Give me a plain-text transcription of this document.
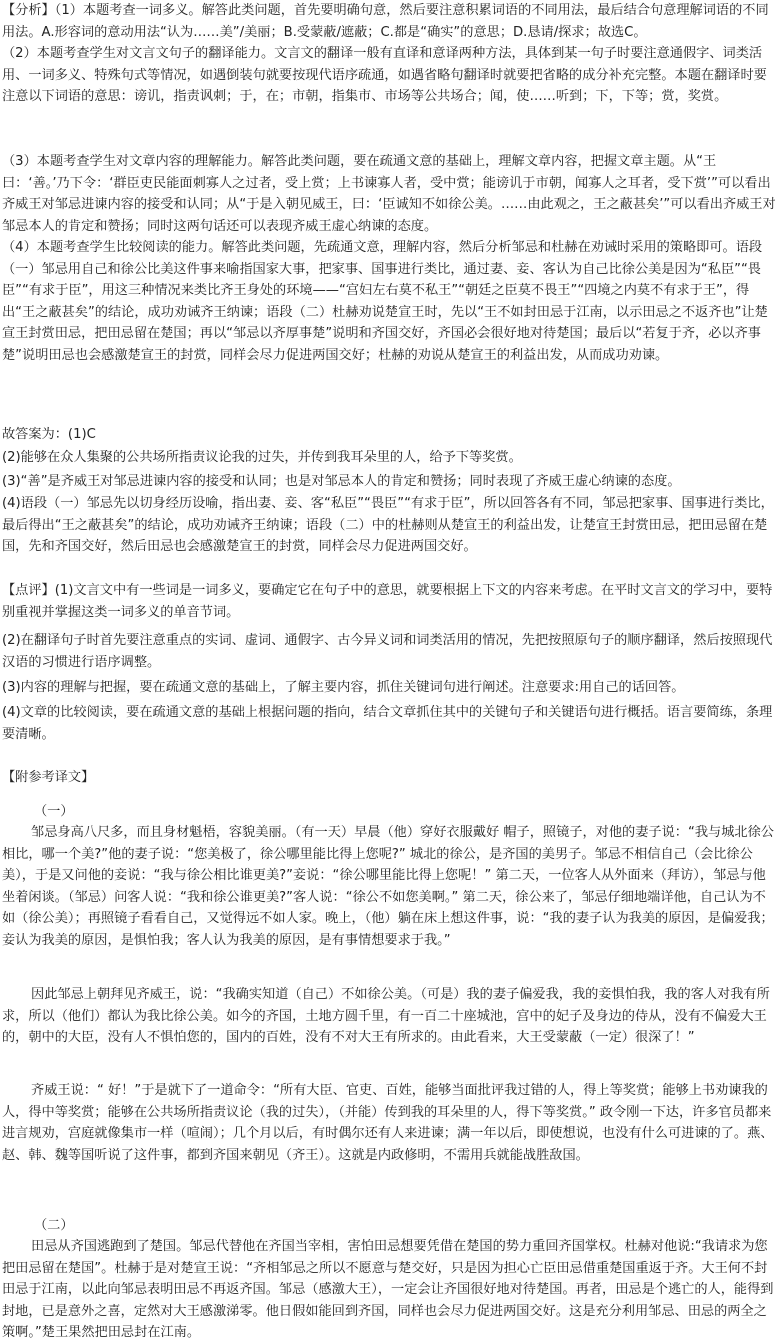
【分析】（1）本题考查一词多义。解答此类问题，首先要明确句意，然后要注意积累词语的不同用法，最后结合句意理解词语的不同用法。A.形容词的意动用法“认为……美”/美丽；B.受蒙蔽/遮蔽；C.都是“确实”的意思；D.恳请/探求；故选C。

（2）本题考查学生对文言文句子的翻译能力。文言文的翻译一般有直译和意译两种方法，具体到某一句子时要注意通假字、词类活用、一词多义、特殊句式等情况，如遇倒装句就要按现代语序疏通，如遇省略句翻译时就要把省略的成分补充完整。本题在翻译时要注意以下词语的意思：谤讥，指责讽刺；于，在；市朝，指集市、市场等公共场合；闻，使……听到；下，下等；赏，奖赏。

（3）本题考查学生对文章内容的理解能力。解答此类问题，要在疏通文意的基础上，理解文章内容，把握文章主题。从“王曰：‘善。’乃下令：‘群臣吏民能面刺寡人之过者，受上赏；上书谏寡人者，受中赏；能谤讥于市朝，闻寡人之耳者，受下赏’”可以看出齐威王对邹忌进谏内容的接受和认同；从“于是入朝见威王，曰：‘臣诚知不如徐公美。……由此观之，王之蔽甚矣’”可以看出齐威王对邹忌本人的肯定和赞扬；同时这两句话还可以表现齐威王虚心纳谏的态度。

（4）本题考查学生比较阅读的能力。解答此类问题，先疏通文意，理解内容，然后分析邹忌和杜赫在劝诫时采用的策略即可。语段（一）邹忌用自己和徐公比美这件事来喻指国家大事，把家事、国事进行类比，通过妻、妾、客认为自己比徐公美是因为“私臣”“畏臣”“有求于臣”，用这三种情况来类比齐王身处的环境——“宫妇左右莫不私王”“朝廷之臣莫不畏王”“四境之内莫不有求于王”，得出“王之蔽甚矣”的结论，成功劝诫齐王纳谏；语段（二）杜赫劝说楚宣王时，先以“王不如封田忌于江南，以示田忌之不返齐也”让楚宣王封赏田忌，把田忌留在楚国；再以“邹忌以齐厚事楚”说明和齐国交好，齐国必会很好地对待楚国；最后以“若复于齐，必以齐事楚”说明田忌也会感激楚宣王的封赏，同样会尽力促进两国交好；杜赫的劝说从楚宣王的利益出发，从而成功劝谏。

故答案为：(1)C

(2)能够在众人集聚的公共场所指责议论我的过失，并传到我耳朵里的人，给予下等奖赏。

(3)“善”是齐威王对邹忌进谏内容的接受和认同；也是对邹忌本人的肯定和赞扬；同时表现了齐威王虚心纳谏的态度。

(4)语段（一）邹忌先以切身经历设喻，指出妻、妾、客“私臣”“畏臣”“有求于臣”，所以回答各有不同，邹忌把家事、国事进行类比，最后得出“王之蔽甚矣”的结论，成功劝诫齐王纳谏；语段（二）中的杜赫则从楚宣王的利益出发，让楚宣王封赏田忌，把田忌留在楚国，先和齐国交好，然后田忌也会感激楚宣王的封赏，同样会尽力促进两国交好。

【点评】(1)文言文中有一些词是一词多义，要确定它在句子中的意思，就要根据上下文的内容来考虑。在平时文言文的学习中，要特别重视并掌握这类一词多义的单音节词。

(2)在翻译句子时首先要注意重点的实词、虚词、通假字、古今异义词和词类活用的情况，先把按照原句子的顺序翻译，然后按照现代汉语的习惯进行语序调整。

(3)内容的理解与把握，要在疏通文意的基础上，了解主要内容，抓住关键词句进行阐述。注意要求:用自己的话回答。

(4)文章的比较阅读，要在疏通文意的基础上根据问题的指向，结合文章抓住其中的关键句子和关键语句进行概括。语言要简练，条理要清晰。

【附参考译文】

（一）

邹忌身高八尺多，而且身材魁梧，容貌美丽。（有一天）早晨（他）穿好衣服戴好 帽子，照镜子，对他的妻子说：“我与城北徐公相比，哪一个美?”他的妻子说：“您美极了，徐公哪里能比得上您呢?” 城北的徐公，是齐国的美男子。邹忌不相信自己（会比徐公美），于是又问他的妾说：“我与徐公相比谁更美?”妾说：“徐公哪里能比得上您呢！” 第二天，一位客人从外面来（拜访），邹忌与他坐着闲谈。（邹忌）问客人说：“我和徐公谁更美?”客人说：“徐公不如您美啊。” 第二天，徐公来了，邹忌仔细地端详他，自己认为不如（徐公美）；再照镜子看看自己，又觉得远不如人家。晚上，（他）躺在床上想这件事，说：“我的妻子认为我美的原因，是偏爱我；妾认为我美的原因，是惧怕我；客人认为我美的原因，是有事情想要求于我。”

因此邹忌上朝拜见齐威王，说：“我确实知道（自己）不如徐公美。（可是）我的妻子偏爱我，我的妾惧怕我，我的客人对我有所求，所以（他们）都认为我比徐公美。如今的齐国，土地方圆千里，有一百二十座城池，宫中的妃子及身边的侍从，没有不偏爱大王的，朝中的大臣，没有人不惧怕您的，国内的百姓，没有不对大王有所求的。由此看来，大王受蒙蔽（一定）很深了！”

齐威王说：“ 好！”于是就下了一道命令：“所有大臣、官吏、百姓，能够当面批评我过错的人，得上等奖赏；能够上书劝谏我的人，得中等奖赏；能够在公共场所指责议论（我的过失），（并能）传到我的耳朵里的人，得下等奖赏。” 政令刚一下达，许多官员都来进言规劝，宫庭就像集市一样（喧闹）；几个月以后，有时偶尔还有人来进谏；满一年以后，即使想说，也没有什么可进谏的了。燕、赵、韩、魏等国听说了这件事，都到齐国来朝见（齐王）。这就是内政修明，不需用兵就能战胜敌国。

（二）

田忌从齐国逃跑到了楚国。邹忌代替他在齐国当宰相，害怕田忌想要凭借在楚国的势力重回齐国掌权。杜赫对他说:“我请求为您把田忌留在楚国”。杜赫于是对楚宣王说：“齐相邹忌之所以不愿意与楚交好，只是因为担心亡臣田忌借重楚国重返于齐。大王何不封田忌于江南，以此向邹忌表明田忌不再返齐国。邹忌（感激大王），一定会让齐国很好地对待楚国。再者，田忌是个逃亡的人，能得到封地，已是意外之喜，定然对大王感激涕零。他日假如能回到齐国，同样也会尽力促进两国交好。这是充分利用邹忌、田忌的两全之策啊。”楚王果然把田忌封在江南。
